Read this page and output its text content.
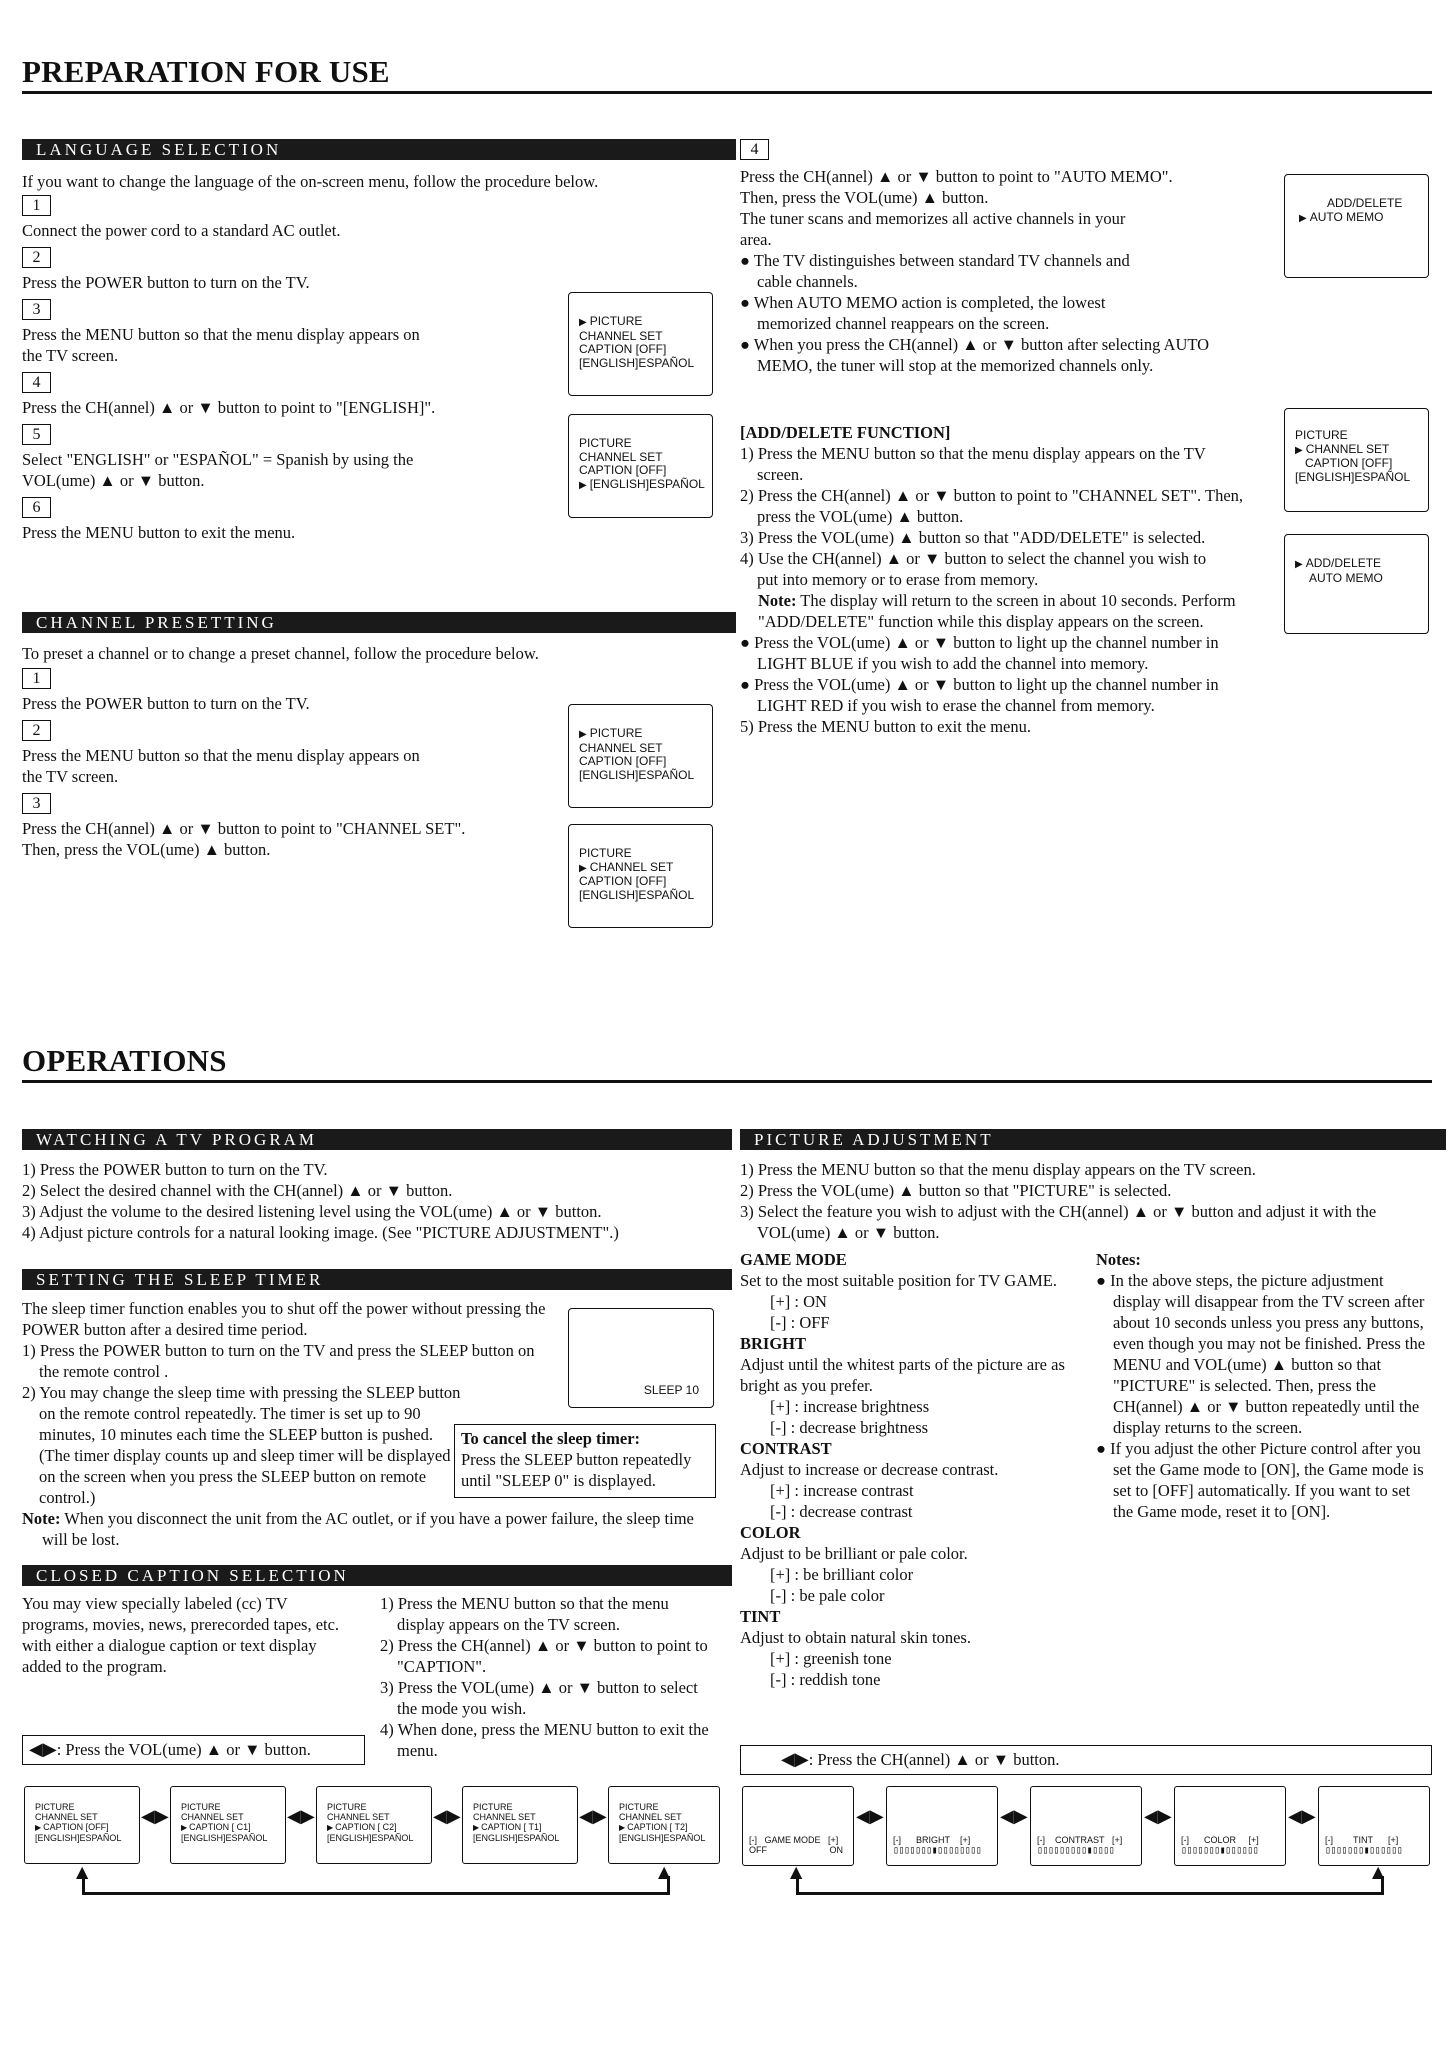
PREPARATION FOR USE
LANGUAGE SELECTION
If you want to change the language of the on-screen menu, follow the procedure below.
1
Connect the power cord to a standard AC outlet.
2
Press the POWER button to turn on the TV.
3
Press the MENU button so that the menu display appears on the TV screen.
4
Press the CH(annel) ▲ or ▼ button to point to "[ENGLISH]".
5
Select "ENGLISH" or "ESPAÑOL" = Spanish by using the VOL(ume) ▲ or ▼ button.
6
Press the MENU button to exit the menu.
▶ PICTURE
CHANNEL SET
CAPTION [OFF]
[ENGLISH]ESPAÑOL
PICTURE
CHANNEL SET
CAPTION [OFF]
▶ [ENGLISH]ESPAÑOL
CHANNEL PRESETTING
To preset a channel or to change a preset channel, follow the procedure below.
1
Press the POWER button to turn on the TV.
2
Press the MENU button so that the menu display appears on the TV screen.
3
Press the CH(annel) ▲ or ▼ button to point to "CHANNEL SET". Then, press the VOL(ume) ▲ button.
▶ PICTURE
CHANNEL SET
CAPTION [OFF]
[ENGLISH]ESPAÑOL
PICTURE
▶ CHANNEL SET
CAPTION [OFF]
[ENGLISH]ESPAÑOL
4
Press the CH(annel) ▲ or ▼ button to point to "AUTO MEMO".
Then, press the VOL(ume) ▲ button.
The tuner scans and memorizes all active channels in your area.
● The TV distinguishes between standard TV channels and cable channels.
● When AUTO MEMO action is completed, the lowest memorized channel reappears on the screen.
● When you press the CH(annel) ▲ or ▼ button after selecting AUTO MEMO, the tuner will stop at the memorized channels only.
ADD/DELETE
▶ AUTO MEMO
[ADD/DELETE FUNCTION]
1) Press the MENU button so that the menu display appears on the TV screen.
2) Press the CH(annel) ▲ or ▼ button to point to "CHANNEL SET". Then, press the VOL(ume) ▲ button.
3) Press the VOL(ume) ▲ button so that "ADD/DELETE" is selected.
4) Use the CH(annel) ▲ or ▼ button to select the channel you wish to put into memory or to erase from memory.
Note: The display will return to the screen in about 10 seconds. Perform "ADD/DELETE" function while this display appears on the screen.
● Press the VOL(ume) ▲ or ▼ button to light up the channel number in LIGHT BLUE if you wish to add the channel into memory.
● Press the VOL(ume) ▲ or ▼ button to light up the channel number in LIGHT RED if you wish to erase the channel from memory.
5) Press the MENU button to exit the menu.
PICTURE
▶ CHANNEL SET
CAPTION [OFF]
[ENGLISH]ESPAÑOL
▶ ADD/DELETE
AUTO MEMO
OPERATIONS
WATCHING A TV PROGRAM
1) Press the POWER button to turn on the TV.
2) Select the desired channel with the CH(annel) ▲ or ▼ button.
3) Adjust the volume to the desired listening level using the VOL(ume) ▲ or ▼ button.
4) Adjust picture controls for a natural looking image. (See "PICTURE ADJUSTMENT".)
SETTING THE SLEEP TIMER
The sleep timer function enables you to shut off the power without pressing the POWER button after a desired time period.
1) Press the POWER button to turn on the TV and press the SLEEP button on the remote control .
2) You may change the sleep time with pressing the SLEEP button on the remote control repeatedly. The timer is set up to 90 minutes, 10 minutes each time the SLEEP button is pushed. (The timer display counts up and sleep timer will be displayed on the screen when you press the SLEEP button on remote control.)
Note: When you disconnect the unit from the AC outlet, or if you have a power failure, the sleep time will be lost.
SLEEP 10
To cancel the sleep timer:
Press the SLEEP button repeatedly until "SLEEP 0" is displayed.
CLOSED CAPTION SELECTION
You may view specially labeled (cc) TV programs, movies, news, prerecorded tapes, etc. with either a dialogue caption or text display added to the program.
1) Press the MENU button so that the menu display appears on the TV screen.
2) Press the CH(annel) ▲ or ▼ button to point to "CAPTION".
3) Press the VOL(ume) ▲ or ▼ button to select the mode you wish.
4) When done, press the MENU button to exit the menu.
◀▶: Press the VOL(ume) ▲ or ▼ button.
PICTURE
CHANNEL SET
▶ CAPTION [OFF]
[ENGLISH]ESPAÑOL
◀▶ PICTURE
CHANNEL SET
▶ CAPTION [ C1]
[ENGLISH]ESPAÑOL
◀▶ PICTURE
CHANNEL SET
▶ CAPTION [ C2]
[ENGLISH]ESPAÑOL
◀▶ PICTURE
CHANNEL SET
▶ CAPTION [ T1]
[ENGLISH]ESPAÑOL
◀▶ PICTURE
CHANNEL SET
▶ CAPTION [ T2]
[ENGLISH]ESPAÑOL
▲	▲
PICTURE ADJUSTMENT
1) Press the MENU button so that the menu display appears on the TV screen.
2) Press the VOL(ume) ▲ button so that "PICTURE" is selected.
3) Select the feature you wish to adjust with the CH(annel) ▲ or ▼ button and adjust it with the VOL(ume) ▲ or ▼ button.
GAME MODE
Set to the most suitable position for TV GAME.
[+] : ON
[-] : OFF
BRIGHT
Adjust until the whitest parts of the picture are as bright as you prefer.
[+] : increase brightness
[-] : decrease brightness
CONTRAST
Adjust to increase or decrease contrast.
[+] : increase contrast
[-] : decrease contrast
COLOR
Adjust to be brilliant or pale color.
[+] : be brilliant color
[-] : be pale color
TINT
Adjust to obtain natural skin tones.
[+] : greenish tone
[-] : reddish tone
Notes:
● In the above steps, the picture adjustment display will disappear from the TV screen after about 10 seconds unless you press any buttons, even though you may not be finished. Press the MENU and VOL(ume) ▲ button so that "PICTURE" is selected. Then, press the CH(annel) ▲ or ▼ button repeatedly until the display returns to the screen.
● If you adjust the other Picture control after you set the Game mode to [ON], the Game mode is set to [OFF] automatically. If you want to set the Game mode, reset it to [ON].
◀▶: Press the CH(annel) ▲ or ▼ button.
[-] GAME MODE [+]
OFF	ON
◀▶
[-] BRIGHT [+]
▯▯▯▯▯▯▯▮▯▯▯▯▯▯▯▯
◀▶
[-] CONTRAST [+]
▯▯▯▯▯▯▯▯▯▮▯▯▯▯
◀▶
[-] COLOR [+]
▯▯▯▯▯▯▯▮▯▯▯▯▯▯
◀▶
[-] TINT [+]
▯▯▯▯▯▯▯▮▯▯▯▯▯▯
▲	▲
